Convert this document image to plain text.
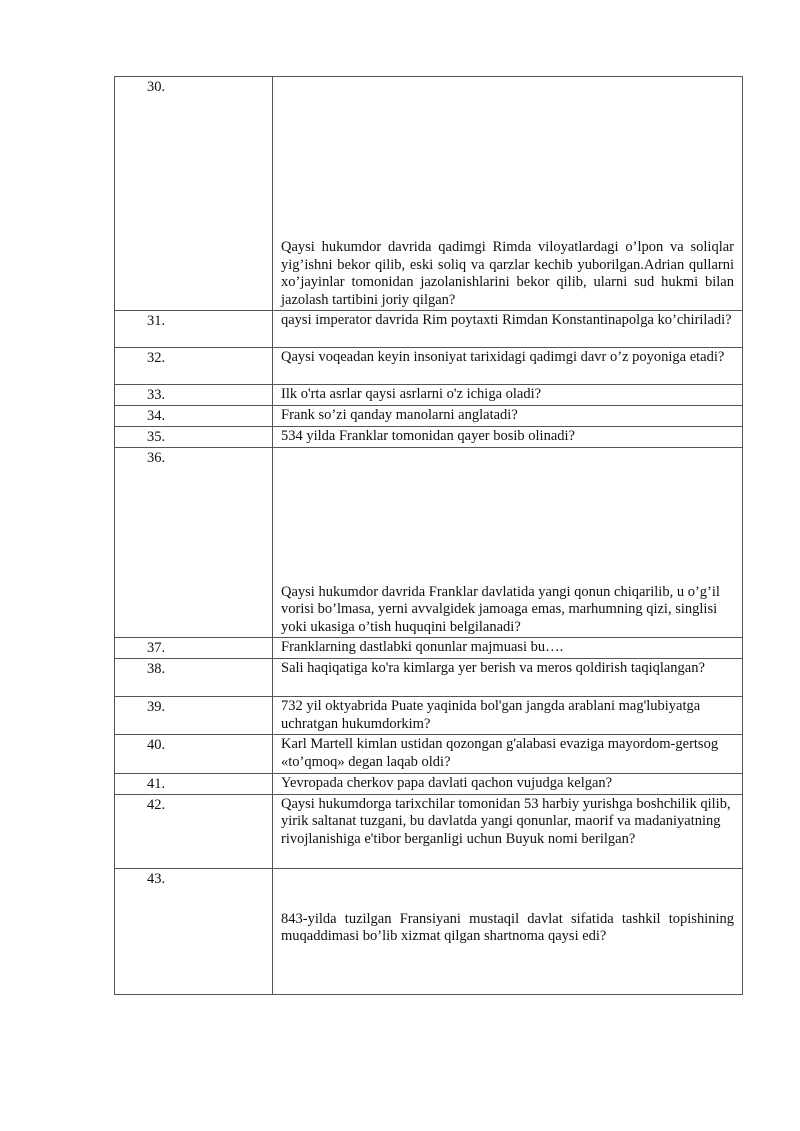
30.	Qaysi hukumdor davrida qadimgi Rimda viloyatlardagi o’lpon va soliqlar yig’ishni bekor qilib, eski soliq va qarzlar kechib yuborilgan.Adrian qullarni xo’jayinlar tomonidan jazolanishlarini bekor qilib, ularni sud hukmi bilan jazolash tartibini joriy qilgan?

31.	qaysi imperator davrida Rim poytaxti Rimdan Konstantinapolga ko’chiriladi?

32.	Qaysi voqeadan keyin insoniyat tarixidagi qadimgi davr o’z poyoniga etadi?

33.	Ilk o'rta asrlar qaysi asrlarni o'z ichiga oladi?

34.	Frank so’zi qanday manolarni anglatadi?

35.	534 yilda Franklar tomonidan qayer bosib olinadi?

36.	Qaysi hukumdor davrida Franklar davlatida yangi qonun chiqarilib, u o’g’il vorisi bo’lmasa, yerni avvalgidek jamoaga emas, marhumning qizi, singlisi yoki ukasiga o’tish huquqini belgilanadi?

37.	Franklarning dastlabki qonunlar majmuasi bu….

38.	Sali haqiqatiga ko'ra kimlarga yer berish va meros qoldirish taqiqlangan?

39.	732 yil oktyabrida Puate yaqinida bol'gan jangda arablani mag'lubiyatga uchratgan hukumdorkim?

40.	Karl Martell kimlan ustidan qozongan g'alabasi evaziga mayordom-gertsog «to’qmoq» degan laqab oldi?

41.	Yevropada cherkov papa davlati qachon vujudga kelgan?

42.	Qaysi hukumdorga tarixchilar tomonidan 53 harbiy yurishga boshchilik qilib, yirik saltanat tuzgani, bu davlatda yangi qonunlar, maorif va madaniyatning rivojlanishiga e'tibor berganligi uchun Buyuk nomi berilgan?

43.	843-yilda tuzilgan Fransiyani mustaqil davlat sifatida tashkil topishining muqaddimasi bo’lib xizmat qilgan shartnoma qaysi edi?
